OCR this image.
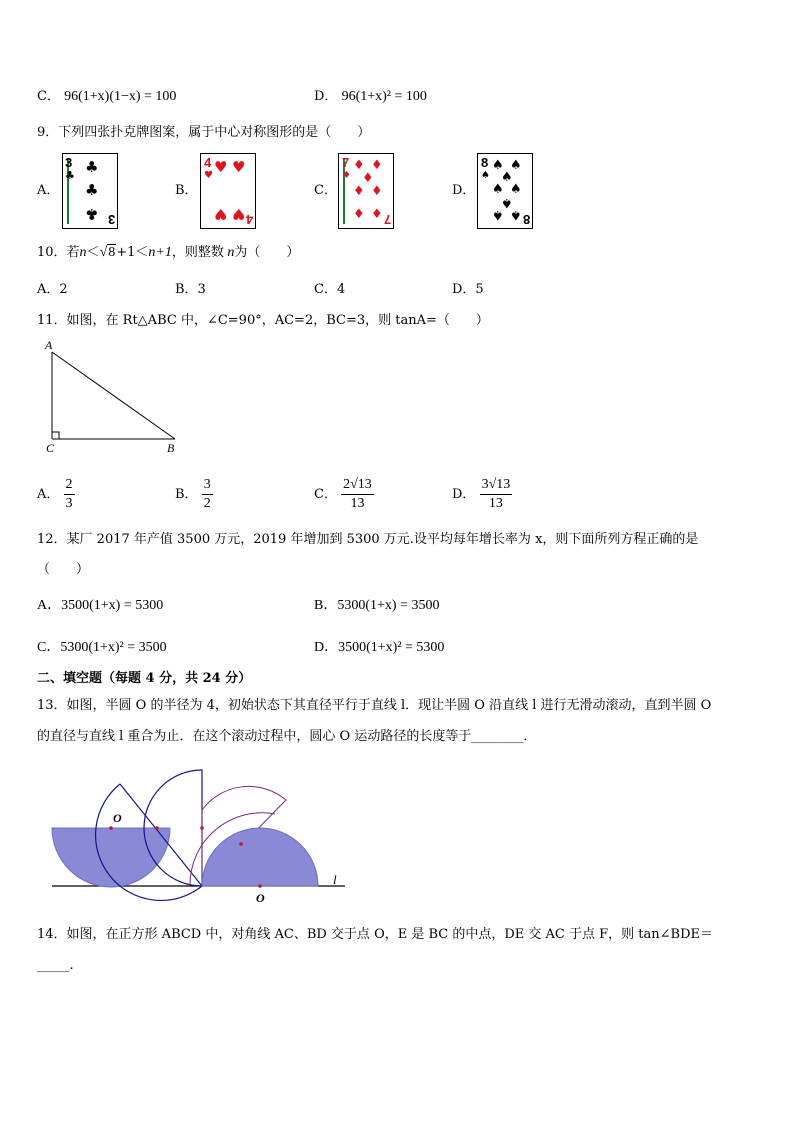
C． 96(1+x)(1−x) = 100	D． 96(1+x)² = 100
9．下列四张扑克牌图案，属于中心对称图形的是（　　）
A．
3
♣ ♣
♣
♣ 3
B．
4
♥ ♥ ♥
♥ ♥ 4
C．
7
♦
♦ ♦
♦
♦ ♦
♦ ♦ 7
D．
8
♠
♠ ♠
♠
♠ ♠
♠
♠ ♠ 8
10．若n＜√8+1＜n+1，则整数 n为（　　）
A．2	B．3	C．4	D．5
11．如图，在 Rt△ABC 中，∠C=90°，AC=2，BC=3，则 tanA=（　　）
A
C	B
A． $\frac{2}{3}$	B． $\frac{3}{2}$	C． $\frac{2√13}{13}$	D． $\frac{3√13}{13}$
12．某厂 2017 年产值 3500 万元，2019 年增加到 5300 万元.设平均每年增长率为 x，则下面所列方程正确的是
（　　）
A．3500(1+x) = 5300	B．5300(1+x) = 3500
C．5300(1+x)² = 3500	D．3500(1+x)² = 5300
二、填空题（每题 4 分，共 24 分）
13．如图，半圆 O 的半径为 4，初始状态下其直径平行于直线 l．现让半圆 O 沿直线 l 进行无滑动滚动，直到半圆 O
的直径与直线 l 重合为止．在这个滚动过程中，圆心 O 运动路径的长度等于________．
O
O
l
14．如图，在正方形 ABCD 中，对角线 AC、BD 交于点 O，E 是 BC 的中点，DE 交 AC 于点 F，则 tan∠BDE＝
_____.
